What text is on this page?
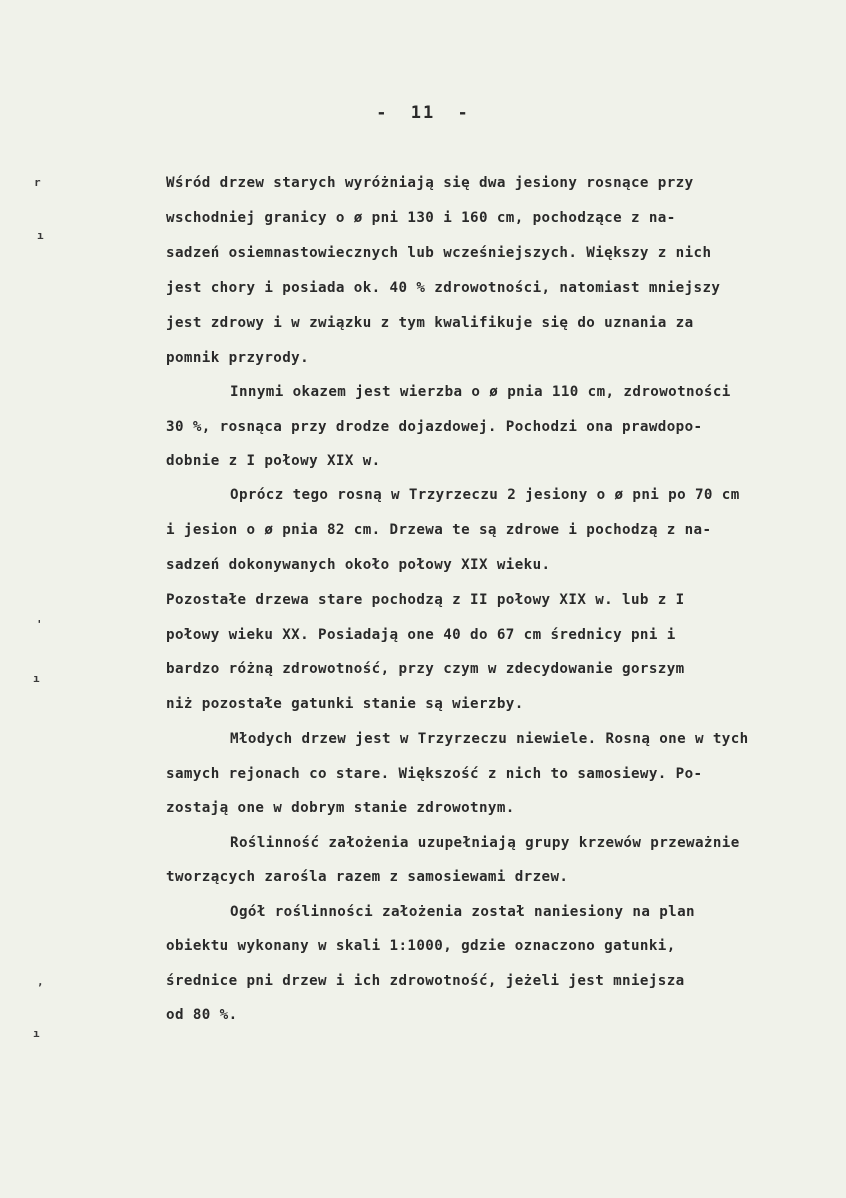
- 11 -
Wśród drzew starych wyróżniają się dwa jesiony rosnące przy
wschodniej granicy o ø pni 130 i 160 cm, pochodzące z na-
sadzeń osiemnastowiecznych lub wcześniejszych. Większy z nich
jest chory i posiada ok. 40 % zdrowotności, natomiast mniejszy
jest zdrowy i w związku z tym kwalifikuje się do uznania za
pomnik przyrody.
Innymi okazem jest wierzba o ø pnia 110 cm, zdrowotności
30 %, rosnąca przy drodze dojazdowej. Pochodzi ona prawdopo-
dobnie z I połowy XIX w.
Oprócz tego rosną w Trzyrzeczu 2 jesiony o ø pni po 70 cm
i jesion o ø pnia 82 cm. Drzewa te są zdrowe i pochodzą z na-
sadzeń dokonywanych około połowy XIX wieku.
Pozostałe drzewa stare pochodzą z II połowy XIX w. lub z I
połowy wieku XX. Posiadają one 40 do 67 cm średnicy pni i
bardzo różną zdrowotność, przy czym w zdecydowanie gorszym
niż pozostałe gatunki stanie są wierzby.
Młodych drzew jest w Trzyrzeczu niewiele. Rosną one w tych
samych rejonach co stare. Większość z nich to samosiewy. Po-
zostają one w dobrym stanie zdrowotnym.
Roślinność założenia uzupełniają grupy krzewów przeważnie
tworzących zarośla razem z samosiewami drzew.
Ogół roślinności założenia został naniesiony na plan
obiektu wykonany w skali 1:1000, gdzie oznaczono gatunki,
średnice pni drzew i ich zdrowotność, jeżeli jest mniejsza
od 80 %.
r
ı
'
ı
,
ı
